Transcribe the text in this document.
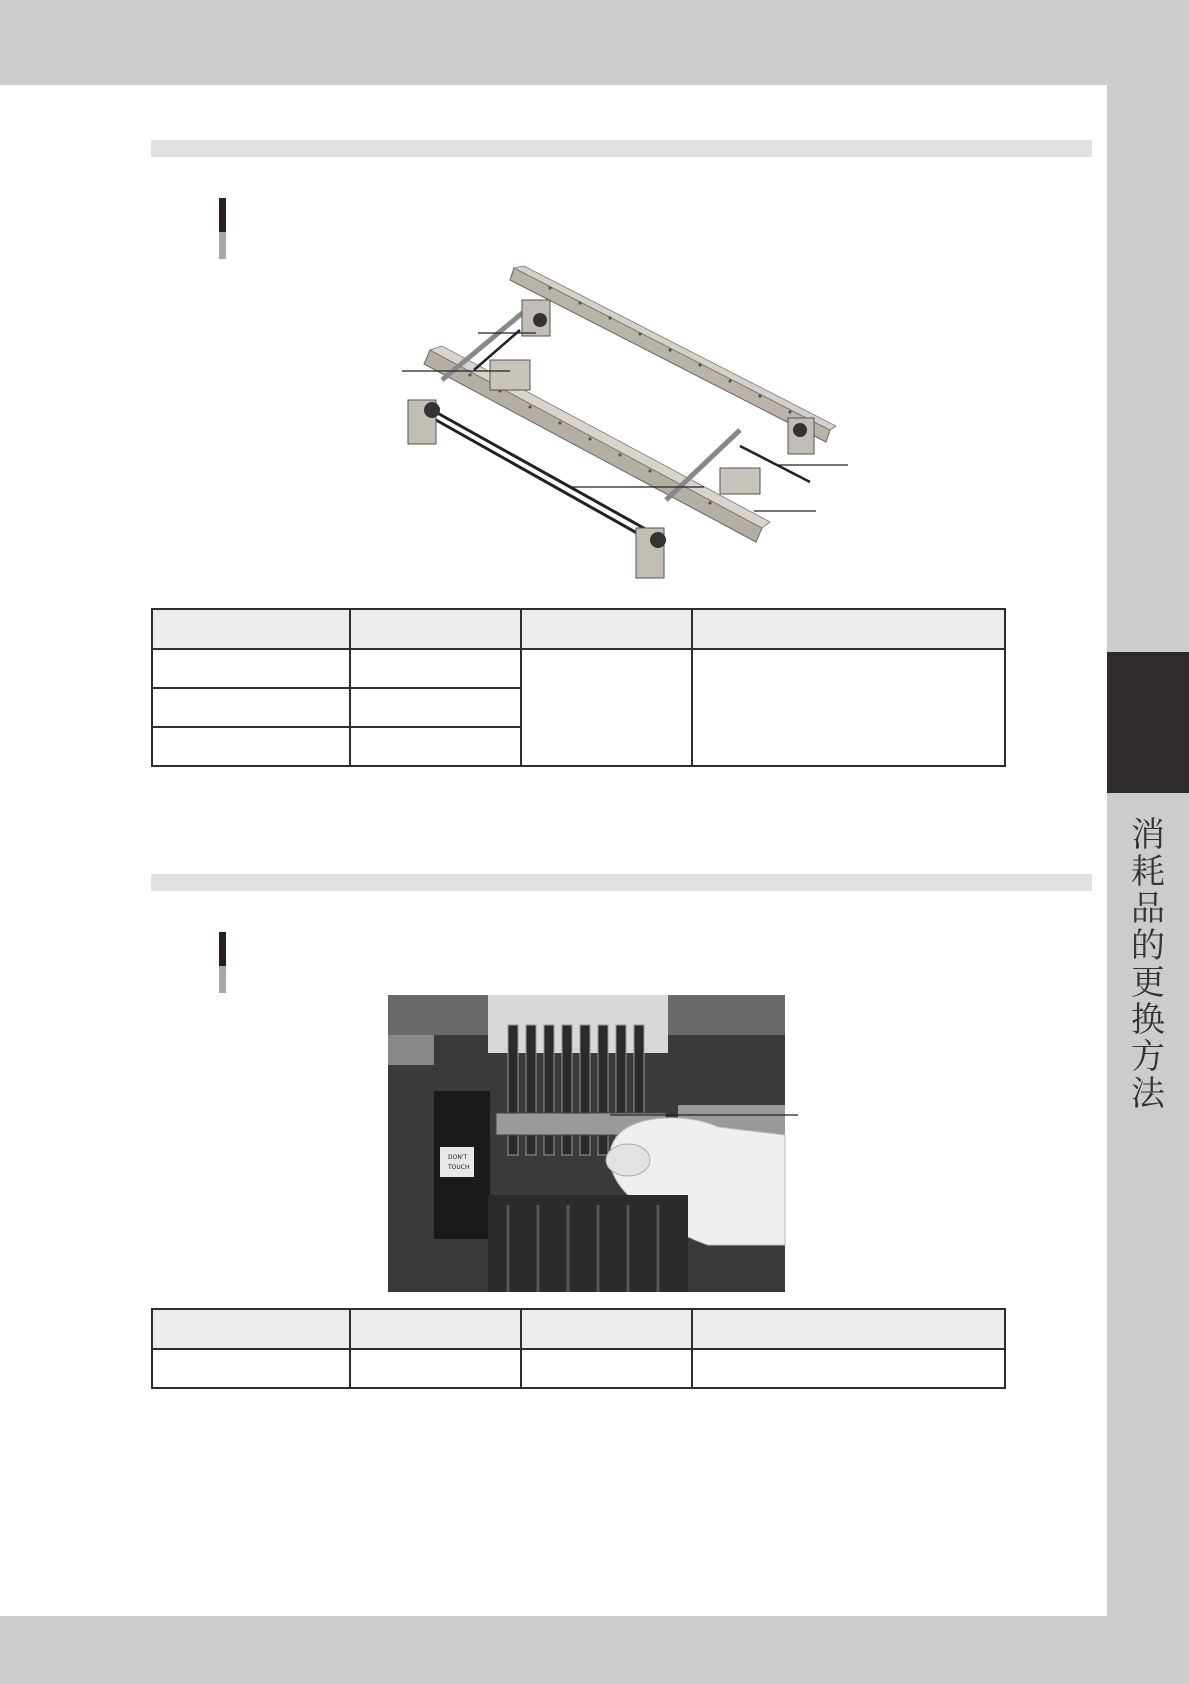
消
耗
品
的
更
换
方
法

DON'T
TOUCH
